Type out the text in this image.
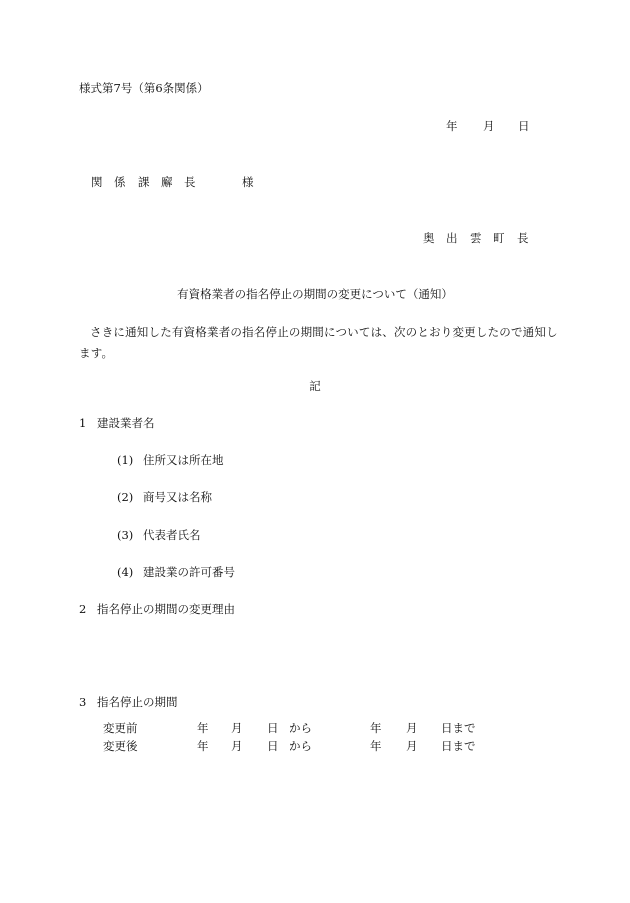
様式第7号（第6条関係）
年 月 日
関 係 課 廨 長	様
奥 出 雲 町 長
有資格業者の指名停止の期間の変更について（通知）
さきに通知した有資格業者の指名停止の期間については、次のとおり変更したので通知します。
記
1 建設業者名
(1) 住所又は所在地
(2) 商号又は名称
(3) 代表者氏名
(4) 建設業の許可番号
2 指名停止の期間の変更理由
3 指名停止の期間
変更前	年 月 日 から	年 月 日まで
変更後	年 月 日 から	年 月 日まで
